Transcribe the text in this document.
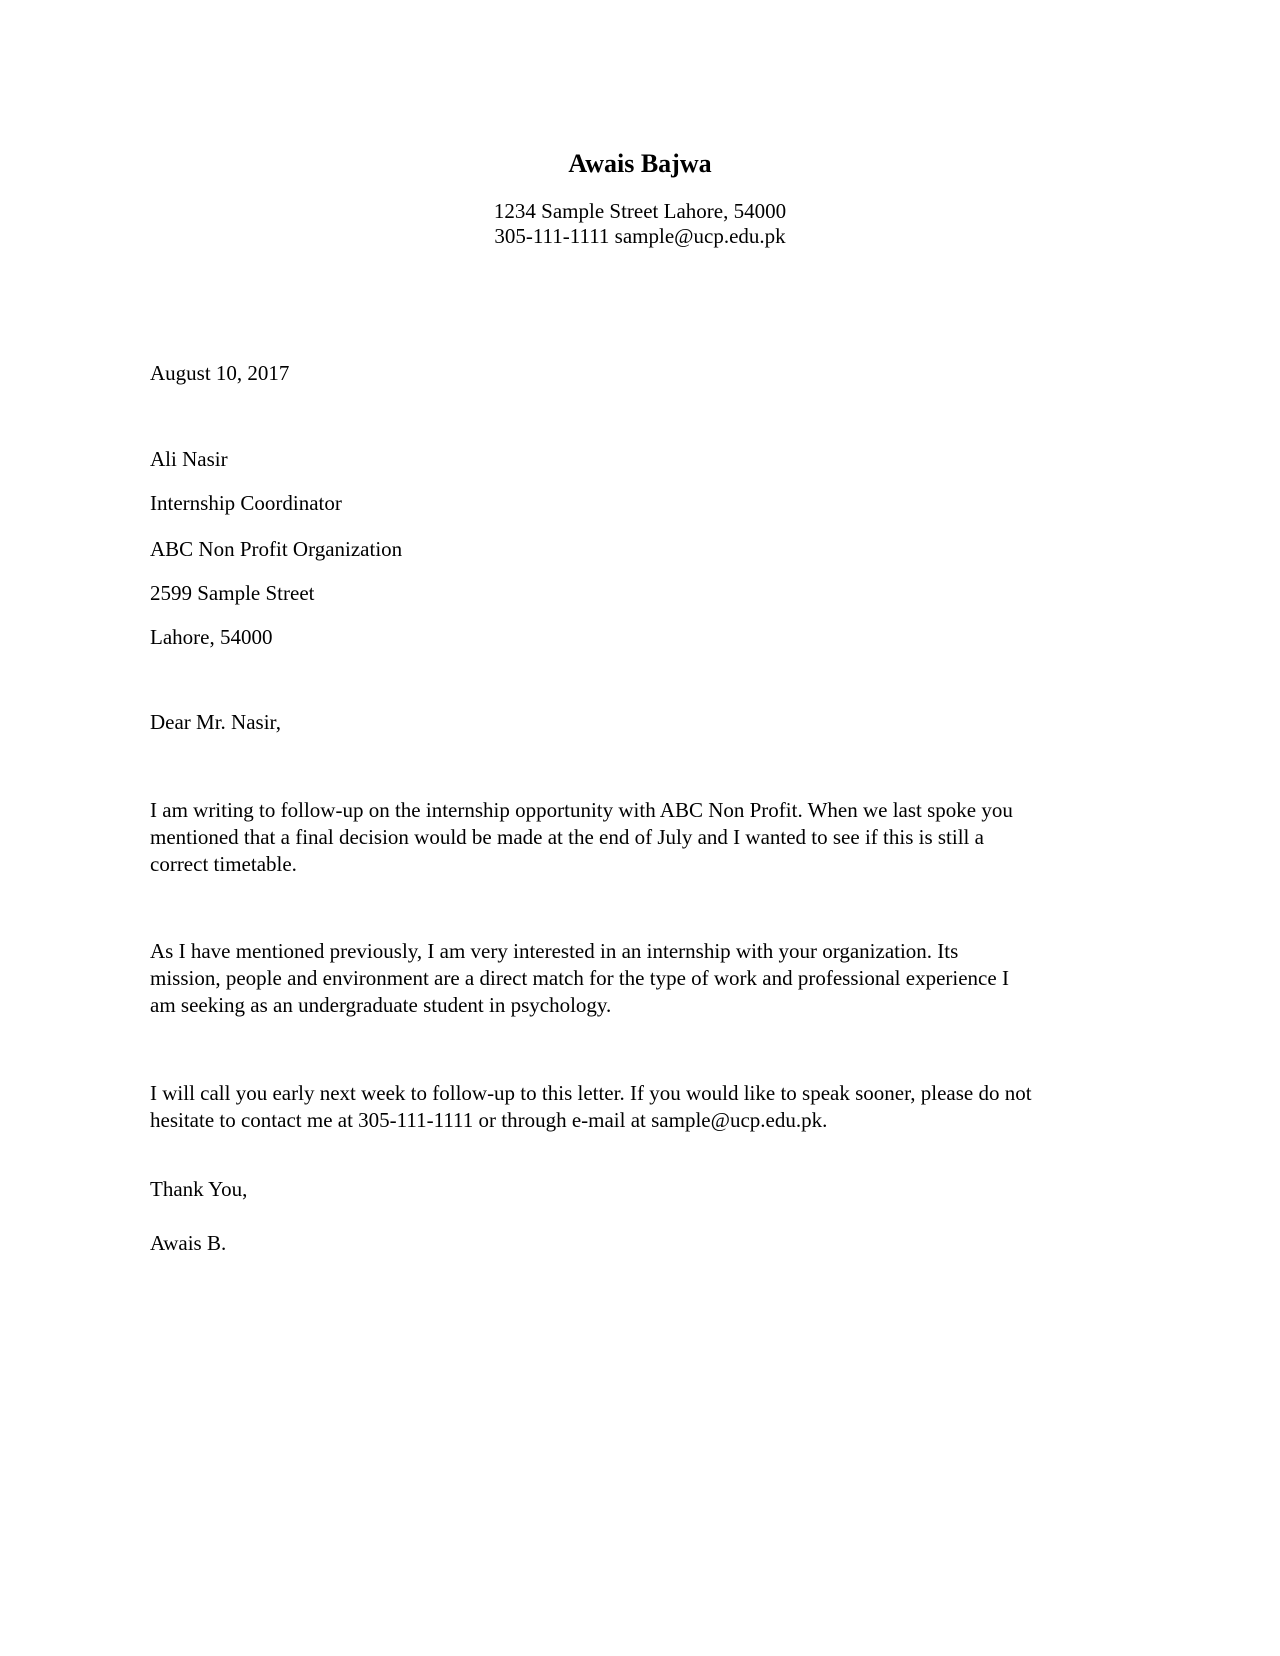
Awais Bajwa
1234 Sample Street Lahore, 54000
305-111-1111 sample@ucp.edu.pk
August 10, 2017
Ali Nasir
Internship Coordinator
ABC Non Profit Organization
2599 Sample Street
Lahore, 54000
Dear Mr. Nasir,
I am writing to follow-up on the internship opportunity with ABC Non Profit. When we last spoke you
mentioned that a final decision would be made at the end of July and I wanted to see if this is still a
correct timetable.
As I have mentioned previously, I am very interested in an internship with your organization. Its
mission, people and environment are a direct match for the type of work and professional experience I
am seeking as an undergraduate student in psychology.
I will call you early next week to follow-up to this letter. If you would like to speak sooner, please do not
hesitate to contact me at 305-111-1111 or through e-mail at sample@ucp.edu.pk.
Thank You,
Awais B.
